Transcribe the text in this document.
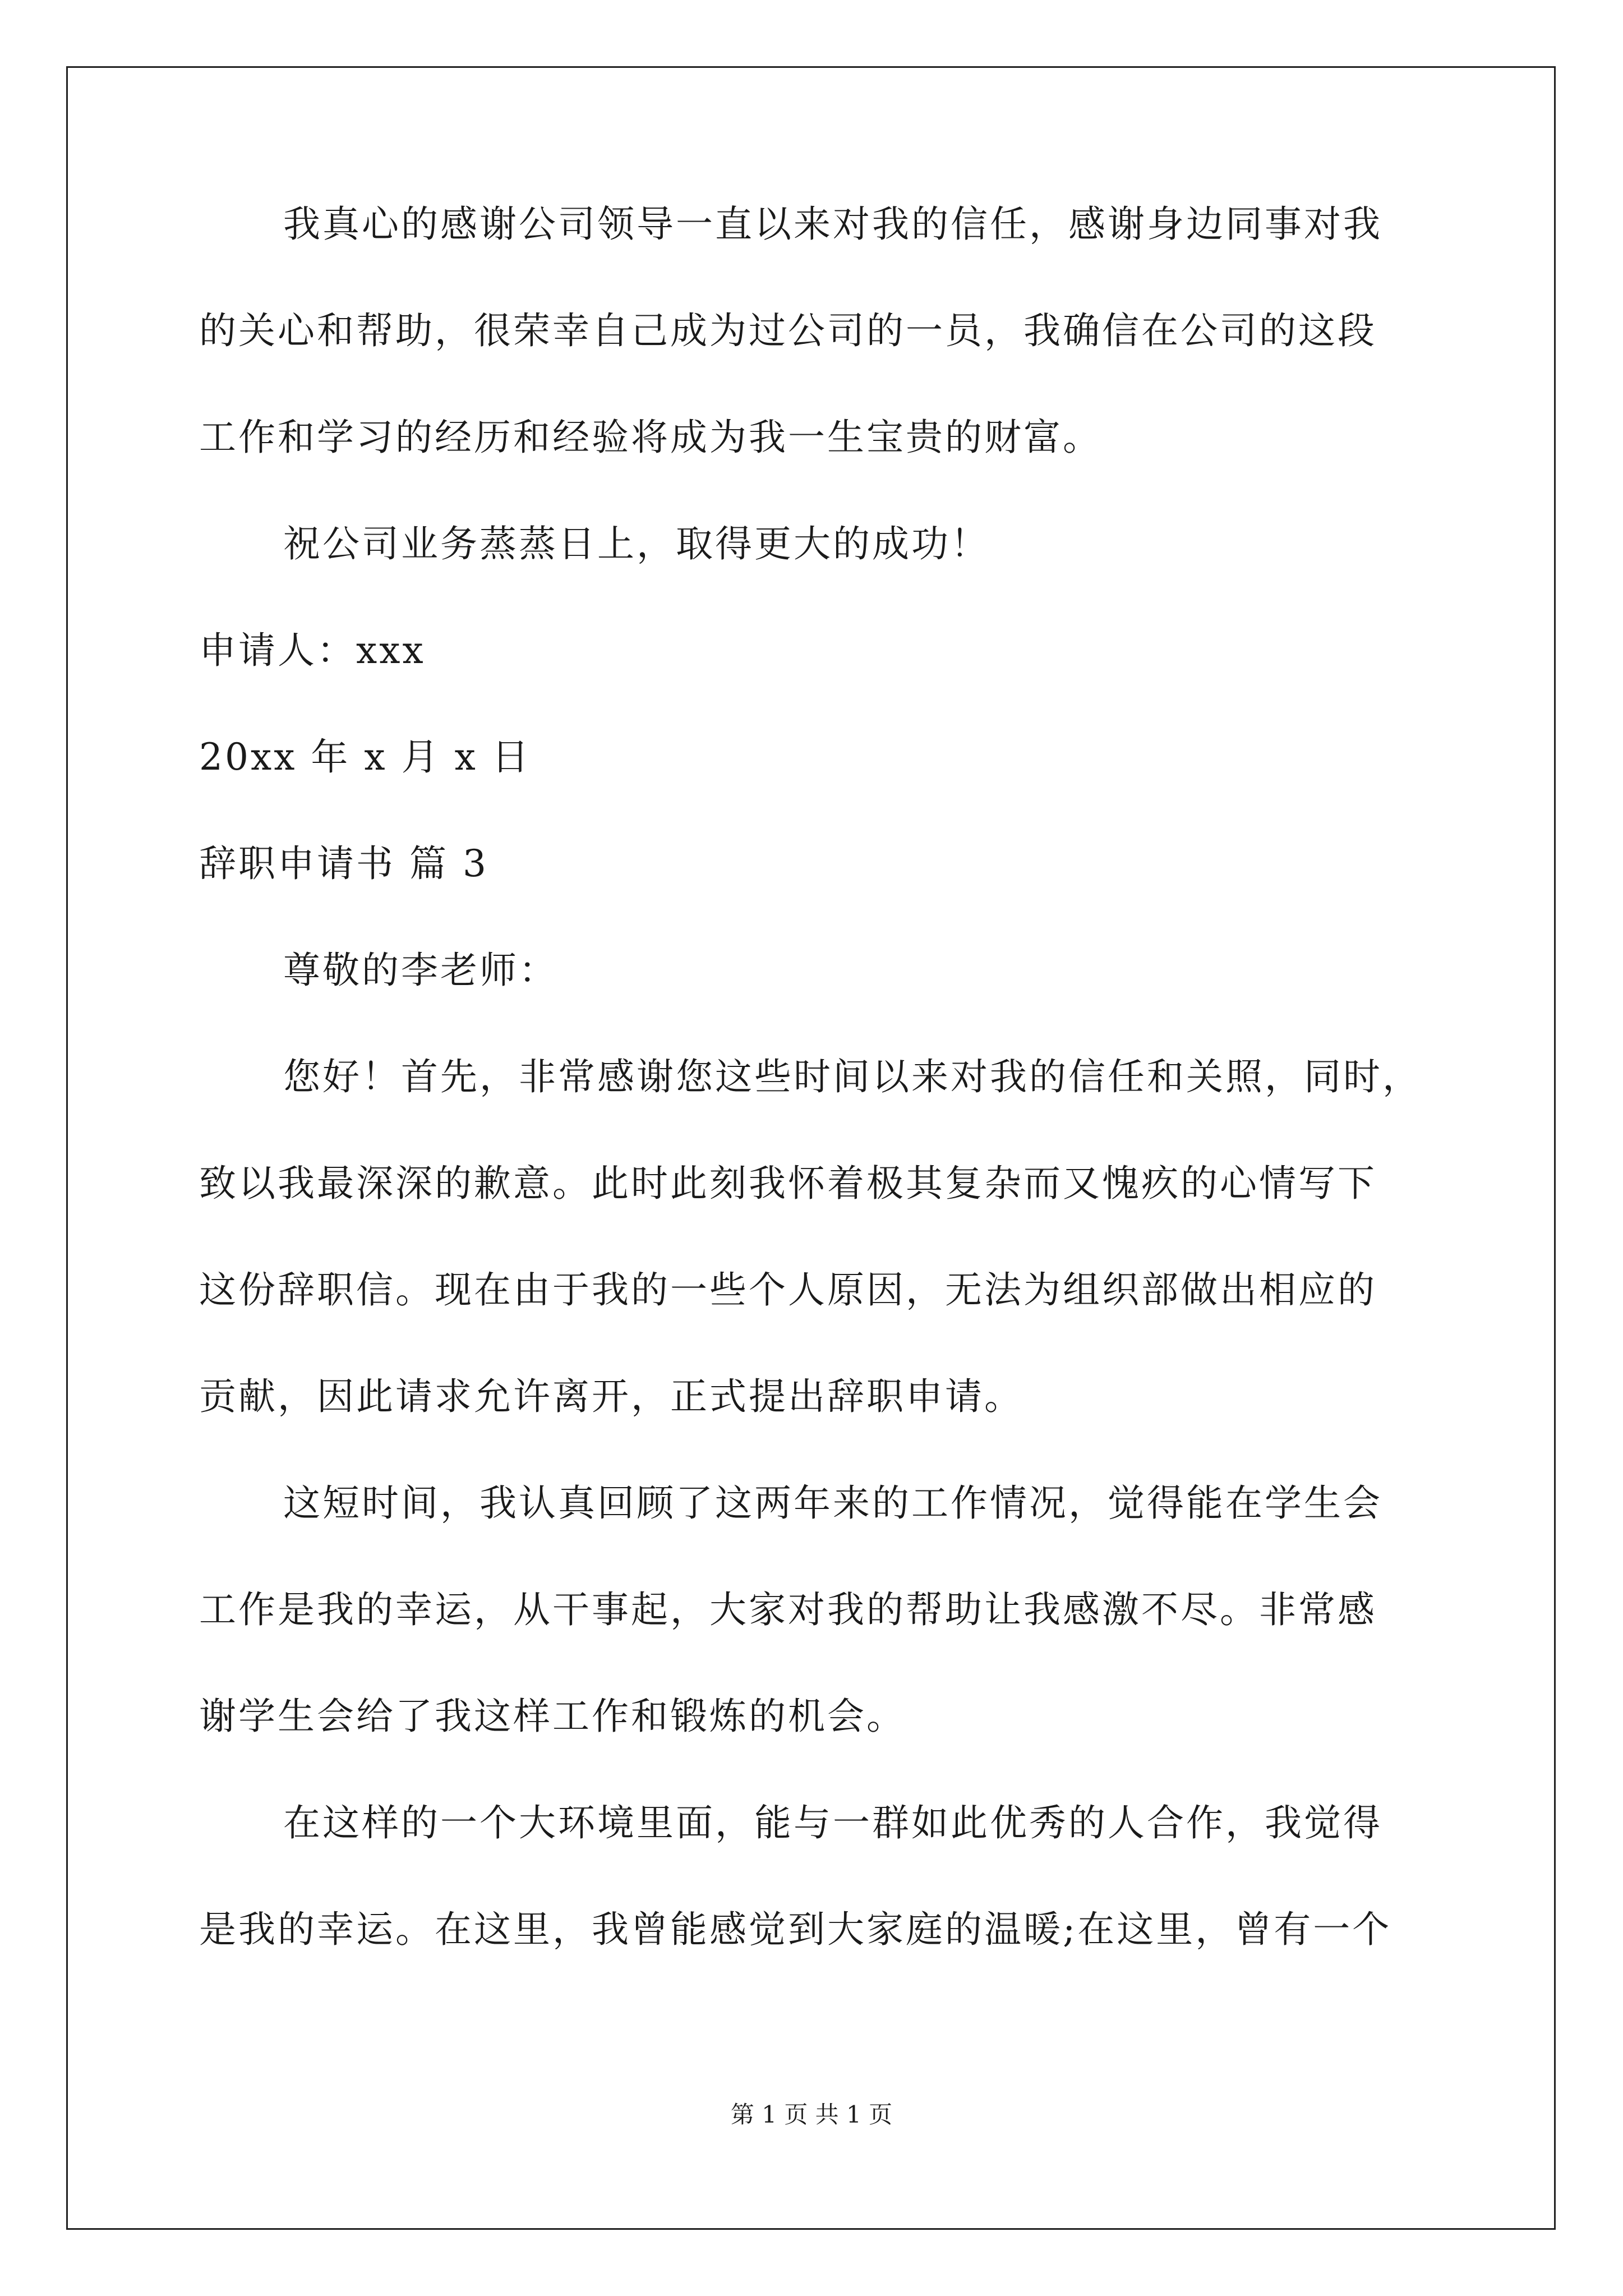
我真心的感谢公司领导一直以来对我的信任，感谢身边同事对我
的关心和帮助，很荣幸自己成为过公司的一员，我确信在公司的这段
工作和学习的经历和经验将成为我一生宝贵的财富。
祝公司业务蒸蒸日上，取得更大的成功！
申请人：xxx
20xx 年 x 月 x 日
辞职申请书 篇 3
尊敬的李老师：
您好！首先，非常感谢您这些时间以来对我的信任和关照，同时，
致以我最深深的歉意。此时此刻我怀着极其复杂而又愧疚的心情写下
这份辞职信。现在由于我的一些个人原因，无法为组织部做出相应的
贡献，因此请求允许离开，正式提出辞职申请。
这短时间，我认真回顾了这两年来的工作情况，觉得能在学生会
工作是我的幸运，从干事起，大家对我的帮助让我感激不尽。非常感
谢学生会给了我这样工作和锻炼的机会。
在这样的一个大环境里面，能与一群如此优秀的人合作，我觉得
是我的幸运。在这里，我曾能感觉到大家庭的温暖;在这里，曾有一个
第 1 页 共 1 页
